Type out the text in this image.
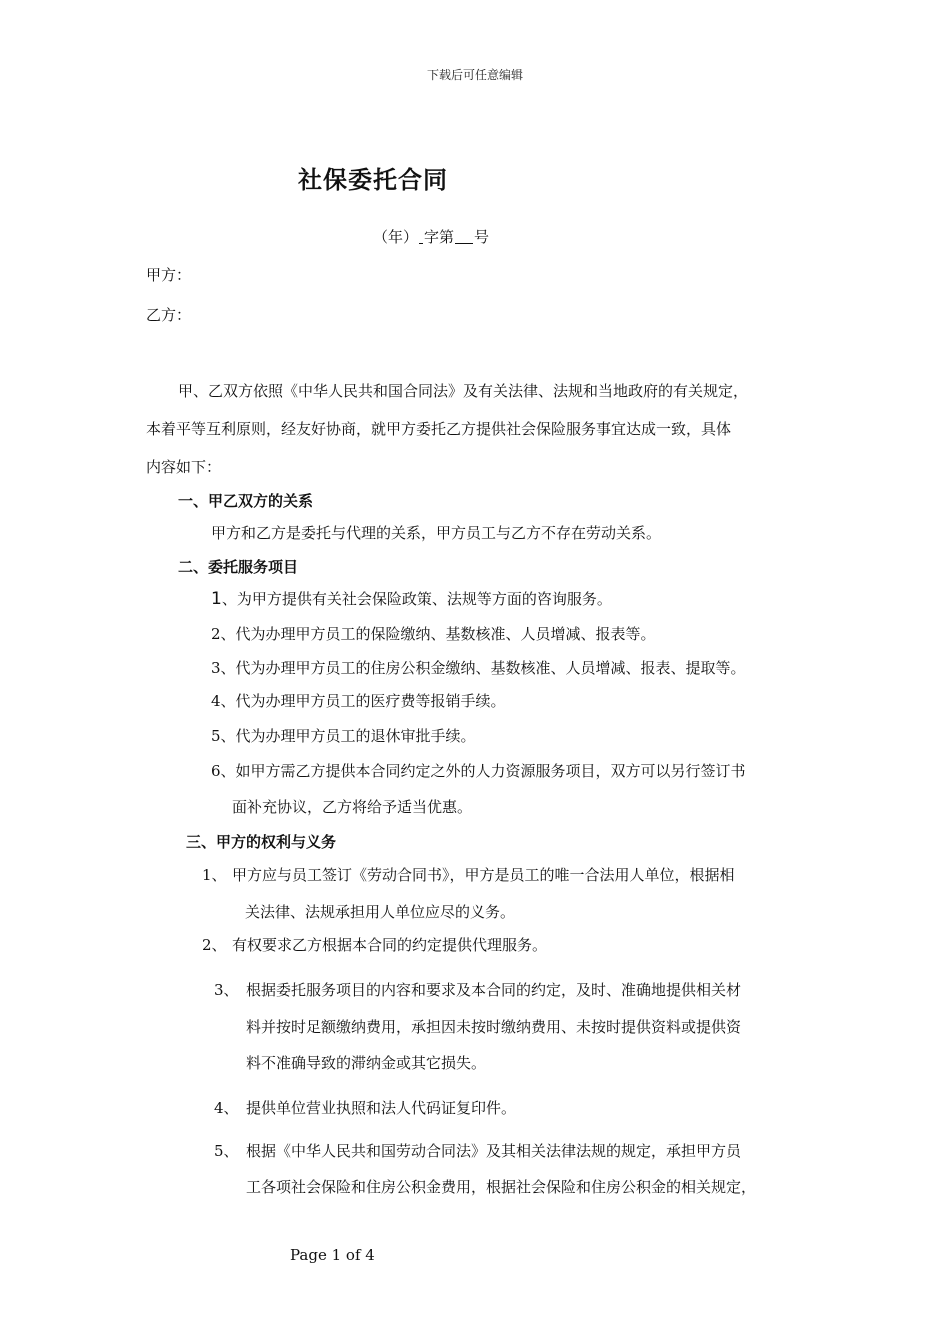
下载后可任意编辑
社保委托合同
（年） 字第 号
甲方：
乙方：
甲、乙双方依照《中华人民共和国合同法》及有关法律、法规和当地政府的有关规定，
本着平等互利原则，经友好协商，就甲方委托乙方提供社会保险服务事宜达成一致，具体
内容如下：
一、甲乙双方的关系
甲方和乙方是委托与代理的关系，甲方员工与乙方不存在劳动关系。
二、委托服务项目
1、为甲方提供有关社会保险政策、法规等方面的咨询服务。
2、代为办理甲方员工的保险缴纳、基数核准、人员增减、报表等。
3、代为办理甲方员工的住房公积金缴纳、基数核准、人员增减、报表、提取等。
4、代为办理甲方员工的医疗费等报销手续。
5、代为办理甲方员工的退休审批手续。
6、如甲方需乙方提供本合同约定之外的人力资源服务项目，双方可以另行签订书
面补充协议，乙方将给予适当优惠。
三、甲方的权利与义务
1、 甲方应与员工签订《劳动合同书》，甲方是员工的唯一合法用人单位，根据相
关法律、法规承担用人单位应尽的义务。
2、 有权要求乙方根据本合同的约定提供代理服务。
3、 根据委托服务项目的内容和要求及本合同的约定，及时、准确地提供相关材
料并按时足额缴纳费用，承担因未按时缴纳费用、未按时提供资料或提供资
料不准确导致的滞纳金或其它损失。
4、 提供单位营业执照和法人代码证复印件。
5、 根据《中华人民共和国劳动合同法》及其相关法律法规的规定，承担甲方员
工各项社会保险和住房公积金费用，根据社会保险和住房公积金的相关规定，
Page 1 of 4
